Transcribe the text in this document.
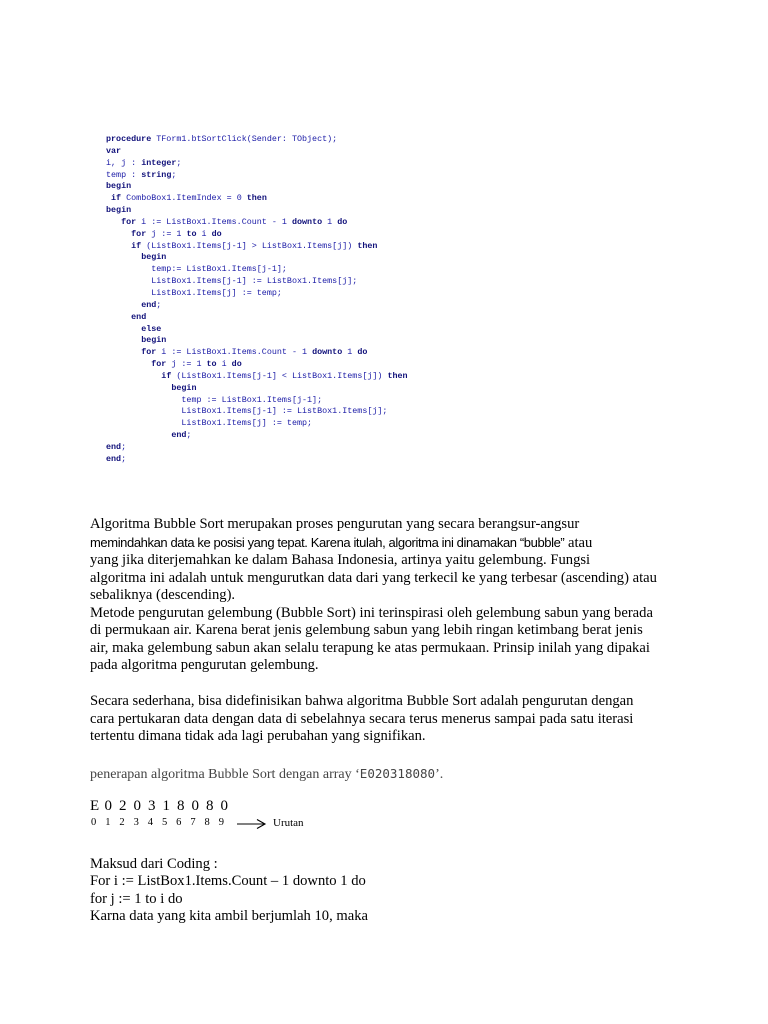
procedure TForm1.btSortClick(Sender: TObject);
var
i, j : integer;
temp : string;
begin
if ComboBox1.ItemIndex = 0 then
begin
for i := ListBox1.Items.Count - 1 downto 1 do
for j := 1 to i do
if (ListBox1.Items[j-1] > ListBox1.Items[j]) then
begin
temp:= ListBox1.Items[j-1];
ListBox1.Items[j-1] := ListBox1.Items[j];
ListBox1.Items[j] := temp;
end;
end
else
begin
for i := ListBox1.Items.Count - 1 downto 1 do
for j := 1 to i do
if (ListBox1.Items[j-1] < ListBox1.Items[j]) then
begin
temp := ListBox1.Items[j-1];
ListBox1.Items[j-1] := ListBox1.Items[j];
ListBox1.Items[j] := temp;
end;
end;
end;
Algoritma Bubble Sort merupakan proses pengurutan yang secara berangsur-angsur
memindahkan data ke posisi yang tepat. Karena itulah, algoritma ini dinamakan “bubble” atau
yang jika diterjemahkan ke dalam Bahasa Indonesia, artinya yaitu gelembung. Fungsi
algoritma ini adalah untuk mengurutkan data dari yang terkecil ke yang terbesar (ascending) atau
sebaliknya (descending).
Metode pengurutan gelembung (Bubble Sort) ini terinspirasi oleh gelembung sabun yang berada
di permukaan air. Karena berat jenis gelembung sabun yang lebih ringan ketimbang berat jenis
air, maka gelembung sabun akan selalu terapung ke atas permukaan. Prinsip inilah yang dipakai
pada algoritma pengurutan gelembung.
Secara sederhana, bisa didefinisikan bahwa algoritma Bubble Sort adalah pengurutan dengan
cara pertukaran data dengan data di sebelahnya secara terus menerus sampai pada satu iterasi
tertentu dimana tidak ada lagi perubahan yang signifikan.
penerapan algoritma Bubble Sort dengan array ‘E020318080’.
E 0 2 0 3 1 8 0 8 0
0 1 2 3 4 5 6 7 8 9	Urutan
Maksud dari Coding :
For i := ListBox1.Items.Count – 1 downto 1 do
for j := 1 to i do
Karna data yang kita ambil berjumlah 10, maka
